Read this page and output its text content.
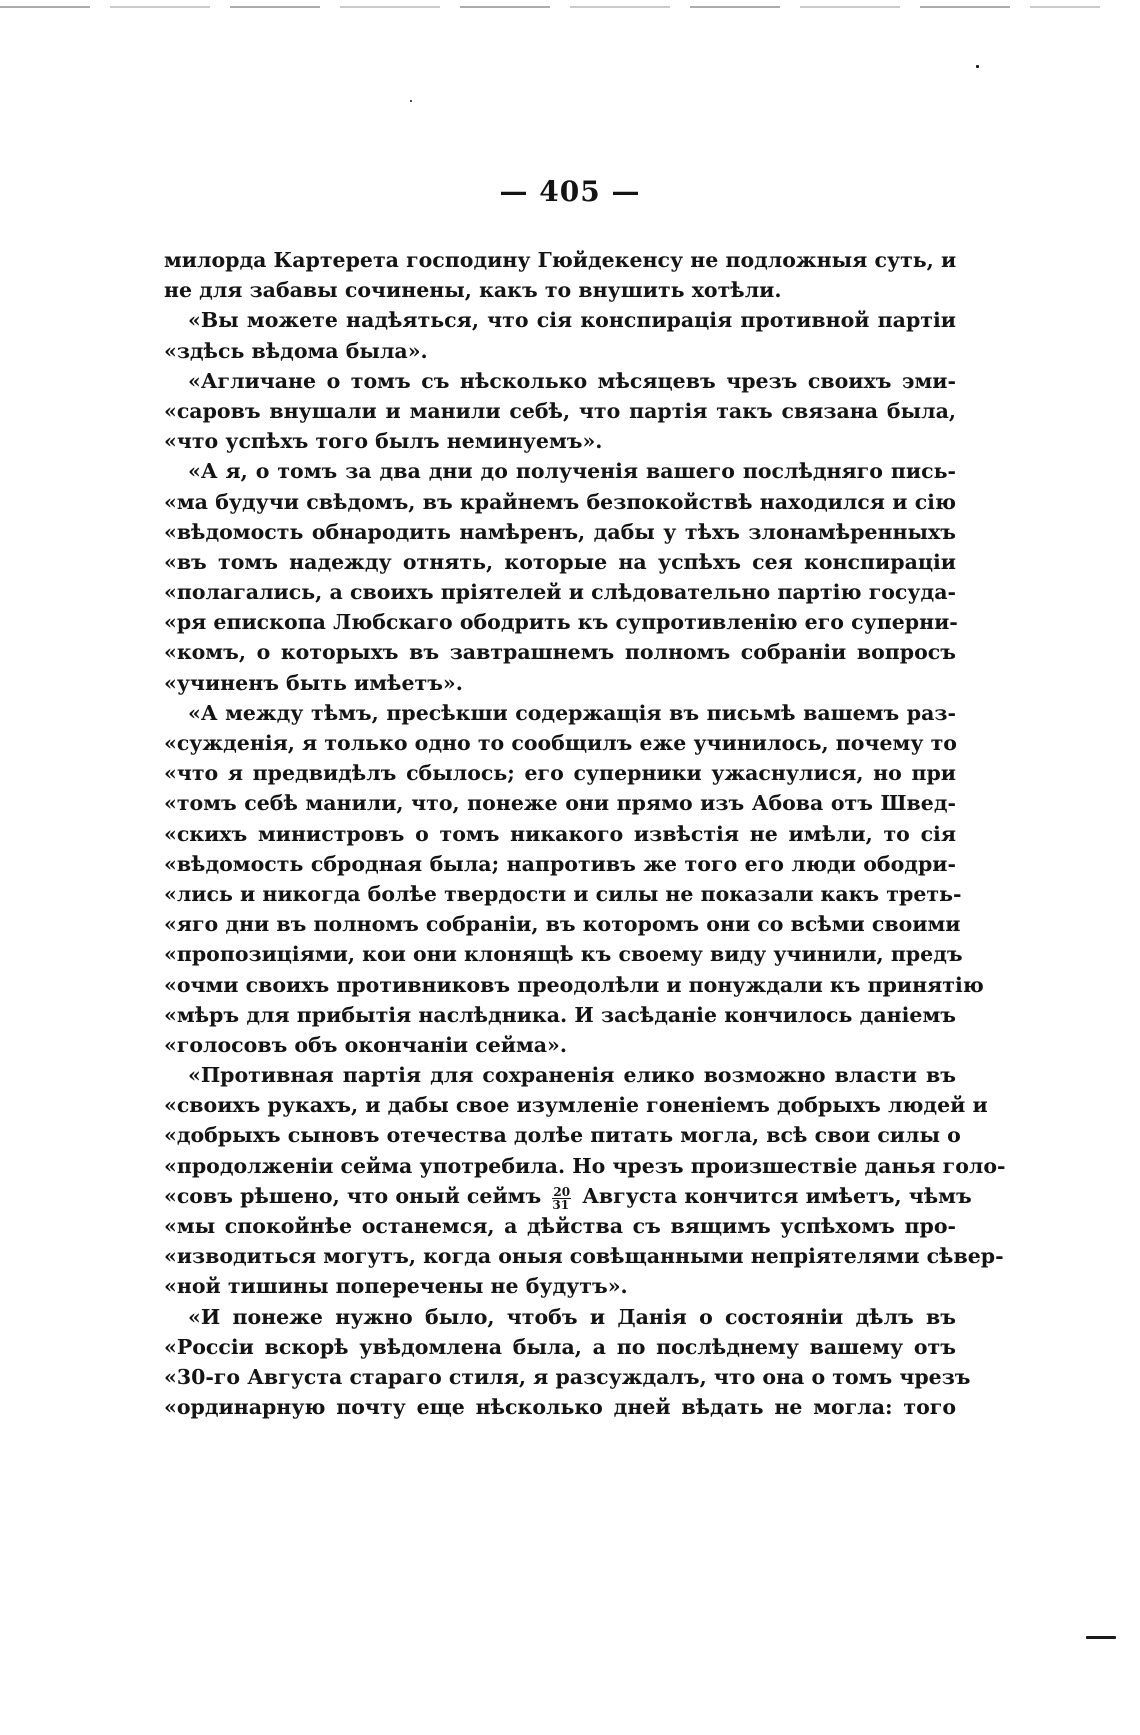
— 405 —
милорда Картерета господину Гюйдекенсу не подложныя суть, и
не для забавы сочинены, какъ то внушить хотѣли.
«Вы можете надѣяться, что сія конспирація противной партіи
«здѣсь вѣдома была».
«Агличане о томъ съ нѣсколько мѣсяцевъ чрезъ своихъ эми-
«саровъ внушали и манили себѣ, что партія такъ связана была,
«что успѣхъ того былъ неминуемъ».
«А я, о томъ за два дни до полученія вашего послѣдняго пись-
«ма будучи свѣдомъ, въ крайнемъ безпокойствѣ находился и сію
«вѣдомость обнародить намѣренъ, дабы у тѣхъ злонамѣренныхъ
«въ томъ надежду отнять, которые на успѣхъ сея конспираціи
«полагались, а своихъ пріятелей и слѣдовательно партію госуда-
«ря епископа Любскаго ободрить къ супротивленію его суперни-
«комъ, о которыхъ въ завтрашнемъ полномъ собраніи вопросъ
«учиненъ быть имѣетъ».
«А между тѣмъ, пресѣкши содержащія въ письмѣ вашемъ раз-
«сужденія, я только одно то сообщилъ еже учинилось, почему то
«что я предвидѣлъ сбылось; его суперники ужаснулися, но при
«томъ себѣ манили, что, понеже они прямо изъ Абова отъ Швед-
«скихъ министровъ о томъ никакого извѣстія не имѣли, то сія
«вѣдомость сбродная была; напротивъ же того его люди ободри-
«лись и никогда болѣе твердости и силы не показали какъ треть-
«яго дни въ полномъ собраніи, въ которомъ они со всѣми своими
«пропозиціями, кои они клонящѣ къ своему виду учинили, предъ
«очми своихъ противниковъ преодолѣли и понуждали къ принятію
«мѣръ для прибытія наслѣдника. И засѣданіе кончилось даніемъ
«голосовъ объ окончаніи сейма».
«Противная партія для сохраненія елико возможно власти въ
«своихъ рукахъ, и дабы свое изумленіе гоненіемъ добрыхъ людей и
«добрыхъ сыновъ отечества долѣе питать могла, всѣ свои силы о
«продолженіи сейма употребила. Но чрезъ произшествіе данья голо-
«совъ рѣшено, что оный сеймъ $\frac{20}{31}$ Августа кончится имѣетъ, чѣмъ
«мы спокойнѣе останемся, а дѣйства съ вящимъ успѣхомъ про-
«изводиться могутъ, когда оныя совѣщанными непріятелями сѣвер-
«ной тишины поперечены не будутъ».
«И понеже нужно было, чтобъ и Данія о состояніи дѣлъ въ
«Россіи вскорѣ увѣдомлена была, а по послѣднему вашему отъ
«30-го Августа стараго стиля, я разсуждалъ, что она о томъ чрезъ
«ординарную почту еще нѣсколько дней вѣдать не могла: того
